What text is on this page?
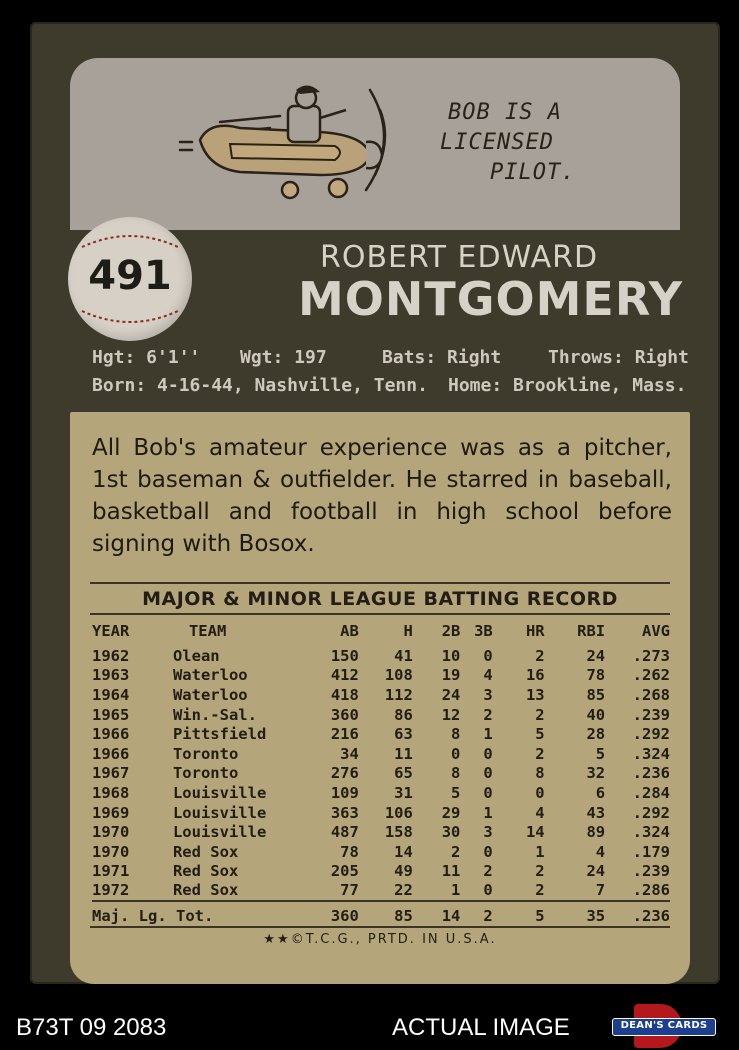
BOB IS A
LICENSED
PILOT.
491	ROBERT EDWARD
MONTGOMERY
Hgt: 6'1'' Wgt: 197	Bats: Right	Throws: Right
Born: 4-16-44, Nashville, Tenn. Home: Brookline, Mass.

All Bob's amateur experience was as a pitcher, 1st baseman & outfielder. He starred in baseball, basketball and football in high school before signing with Bosox.

MAJOR & MINOR LEAGUE BATTING RECORD
YEAR	TEAM	AB	H	2B	3B	HR	RBI	AVG
1962	Olean	150	41	10	0	2	24	.273
1963	Waterloo	412	108	19	4	16	78	.262
1964	Waterloo	418	112	24	3	13	85	.268
1965	Win.-Sal.	360	86	12	2	2	40	.239
1966	Pittsfield	216	63	8	1	5	28	.292
1966	Toronto	34	11	0	0	2	5	.324
1967	Toronto	276	65	8	0	8	32	.236
1968	Louisville	109	31	5	0	0	6	.284
1969	Louisville	363	106	29	1	4	43	.292
1970	Louisville	487	158	30	3	14	89	.324
1970	Red Sox	78	14	2	0	1	4	.179
1971	Red Sox	205	49	11	2	2	24	.239
1972	Red Sox	77	22	1	0	2	7	.286
Maj. Lg. Tot.		360	85	14	2	5	35	.236
★★©T.C.G., PRTD. IN U.S.A.
B73T 09 2083	ACTUAL IMAGE	DEAN'S CARDS
